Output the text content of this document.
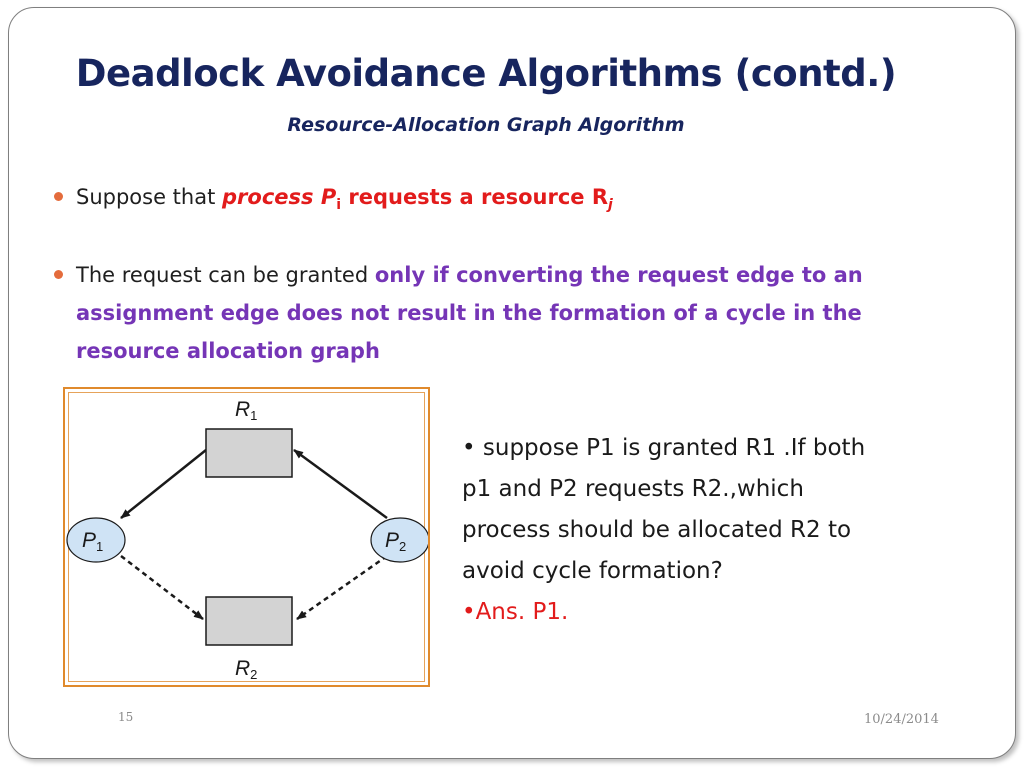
Deadlock Avoidance Algorithms (contd.)
Resource-Allocation Graph Algorithm
Suppose that process $P_i$ requests a resource $R_j$
The request can be granted only if converting the request edge to an
assignment edge does not result in the formation of a cycle in the
resource allocation graph
R1
R2
P1	P2
• suppose P1 is granted R1 .If both
p1 and P2 requests R2.,which
process should be allocated R2 to
avoid cycle formation?
•Ans. P1.
15	10/24/2014
